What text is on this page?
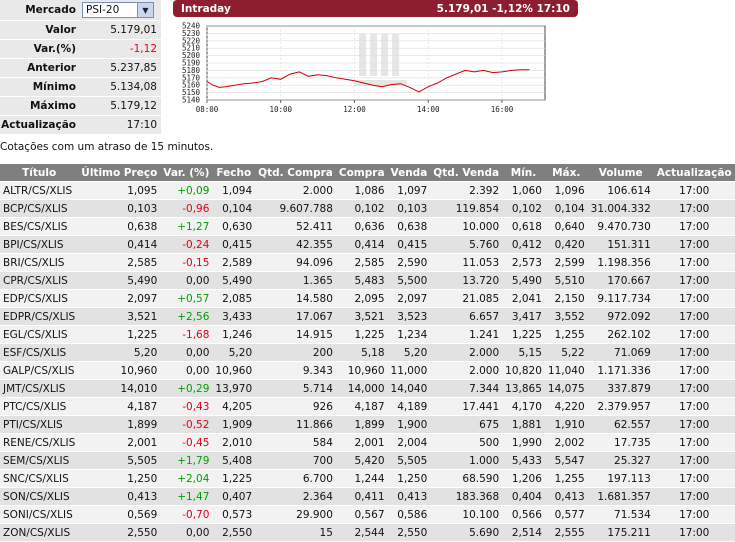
Mercado PSI-20	▼
Valor	5.179,01
Var.(%)	-1,12
Anterior	5.237,85
Mínimo	5.134,08
Máximo	5.179,12
Actualização	17:10
Intraday	5.179,01 -1,12% 17:10
5240
5230
5220
5210
5200
5190
5180
5170
5160
5150
5140
08:00	10:00	12:00	14:00	16:00
Cotações com um atraso de 15 minutos.
Título	Último Preço	Var. (%)	Fecho	Qtd. Compra	Compra	Venda	Qtd. Venda	Mín.	Máx.	Volume	Actualização
ALTR/CS/XLIS	1,095	+0,09	1,094	2.000	1,086	1,097	2.392	1,060	1,096	106.614	17:00
BCP/CS/XLIS	0,103	-0,96	0,104	9.607.788	0,102	0,103	119.854	0,102	0,104	31.004.332	17:00
BES/CS/XLIS	0,638	+1,27	0,630	52.411	0,636	0,638	10.000	0,618	0,640	9.470.730	17:00
BPI/CS/XLIS	0,414	-0,24	0,415	42.355	0,414	0,415	5.760	0,412	0,420	151.311	17:00
BRI/CS/XLIS	2,585	-0,15	2,589	94.096	2,585	2,590	11.053	2,573	2,599	1.198.356	17:00
CPR/CS/XLIS	5,490	0,00	5,490	1.365	5,483	5,500	13.720	5,490	5,510	170.667	17:00
EDP/CS/XLIS	2,097	+0,57	2,085	14.580	2,095	2,097	21.085	2,041	2,150	9.117.734	17:00
EDPR/CS/XLIS	3,521	+2,56	3,433	17.067	3,521	3,523	6.657	3,417	3,552	972.092	17:00
EGL/CS/XLIS	1,225	-1,68	1,246	14.915	1,225	1,234	1.241	1,225	1,255	262.102	17:00
ESF/CS/XLIS	5,20	0,00	5,20	200	5,18	5,20	2.000	5,15	5,22	71.069	17:00
GALP/CS/XLIS	10,960	0,00	10,960	9.343	10,960	11,000	2.000	10,820	11,040	1.171.336	17:00
JMT/CS/XLIS	14,010	+0,29	13,970	5.714	14,000	14,040	7.344	13,865	14,075	337.879	17:00
PTC/CS/XLIS	4,187	-0,43	4,205	926	4,187	4,189	17.441	4,170	4,220	2.379.957	17:00
PTI/CS/XLIS	1,899	-0,52	1,909	11.866	1,899	1,900	675	1,881	1,910	62.557	17:00
RENE/CS/XLIS	2,001	-0,45	2,010	584	2,001	2,004	500	1,990	2,002	17.735	17:00
SEM/CS/XLIS	5,505	+1,79	5,408	700	5,420	5,505	1.000	5,433	5,547	25.327	17:00
SNC/CS/XLIS	1,250	+2,04	1,225	6.700	1,244	1,250	68.590	1,206	1,255	197.113	17:00
SON/CS/XLIS	0,413	+1,47	0,407	2.364	0,411	0,413	183.368	0,404	0,413	1.681.357	17:00
SONI/CS/XLIS	0,569	-0,70	0,573	29.900	0,567	0,586	10.100	0,566	0,577	71.534	17:00
ZON/CS/XLIS	2,550	0,00	2,550	15	2,544	2,550	5.690	2,514	2,555	175.211	17:00
